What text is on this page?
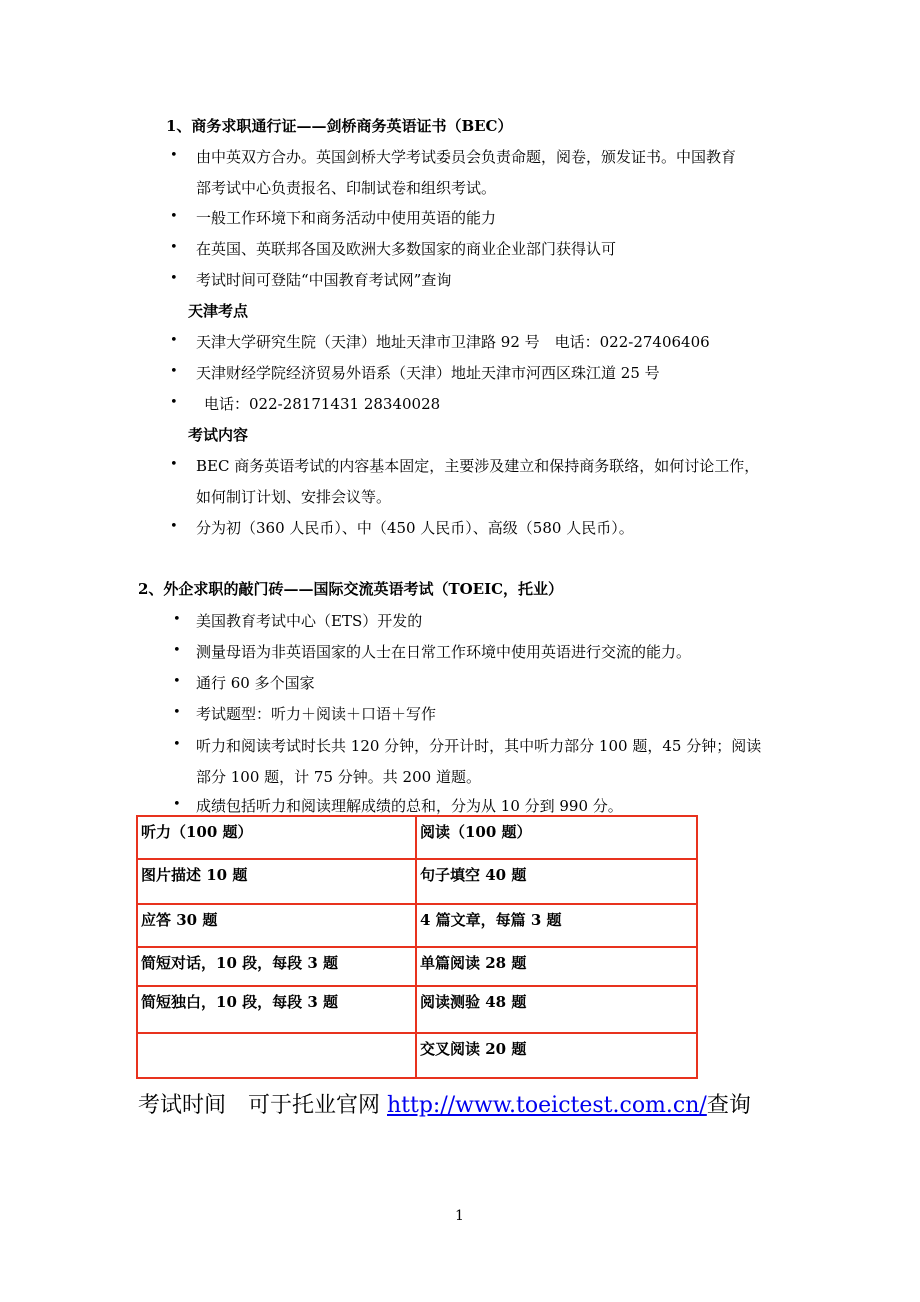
1、商务求职通行证——剑桥商务英语证书（BEC）
• 由中英双方合办。英国剑桥大学考试委员会负责命题，阅卷，颁发证书。中国教育
部考试中心负责报名、印制试卷和组织考试。
• 一般工作环境下和商务活动中使用英语的能力
• 在英国、英联邦各国及欧洲大多数国家的商业企业部门获得认可
• 考试时间可登陆“中国教育考试网”查询
天津考点
• 天津大学研究生院（天津）地址天津市卫津路 92 号　电话：022-27406406
• 天津财经学院经济贸易外语系（天津）地址天津市河西区珠江道 25 号
• 电话：022-28171431 28340028
考试内容
• BEC 商务英语考试的内容基本固定，主要涉及建立和保持商务联络，如何讨论工作，
如何制订计划、安排会议等。
• 分为初（360 人民币）、中（450 人民币）、高级（580 人民币）。
2、外企求职的敲门砖——国际交流英语考试（TOEIC，托业）
• 美国教育考试中心（ETS）开发的
• 测量母语为非英语国家的人士在日常工作环境中使用英语进行交流的能力。
• 通行 60 多个国家
• 考试题型：听力＋阅读＋口语＋写作
• 听力和阅读考试时长共 120 分钟，分开计时，其中听力部分 100 题，45 分钟；阅读
部分 100 题，计 75 分钟。共 200 道题。
• 成绩包括听力和阅读理解成绩的总和，分为从 10 分到 990 分。
听力（100 题）	阅读（100 题）
图片描述 10 题	句子填空 40 题
应答 30 题	4 篇文章，每篇 3 题
简短对话，10 段，每段 3 题	单篇阅读 28 题
简短独白，10 段，每段 3 题	阅读测验 48 题
	交叉阅读 20 题
考试时间　可于托业官网 http://www.toeictest.com.cn/查询
1
